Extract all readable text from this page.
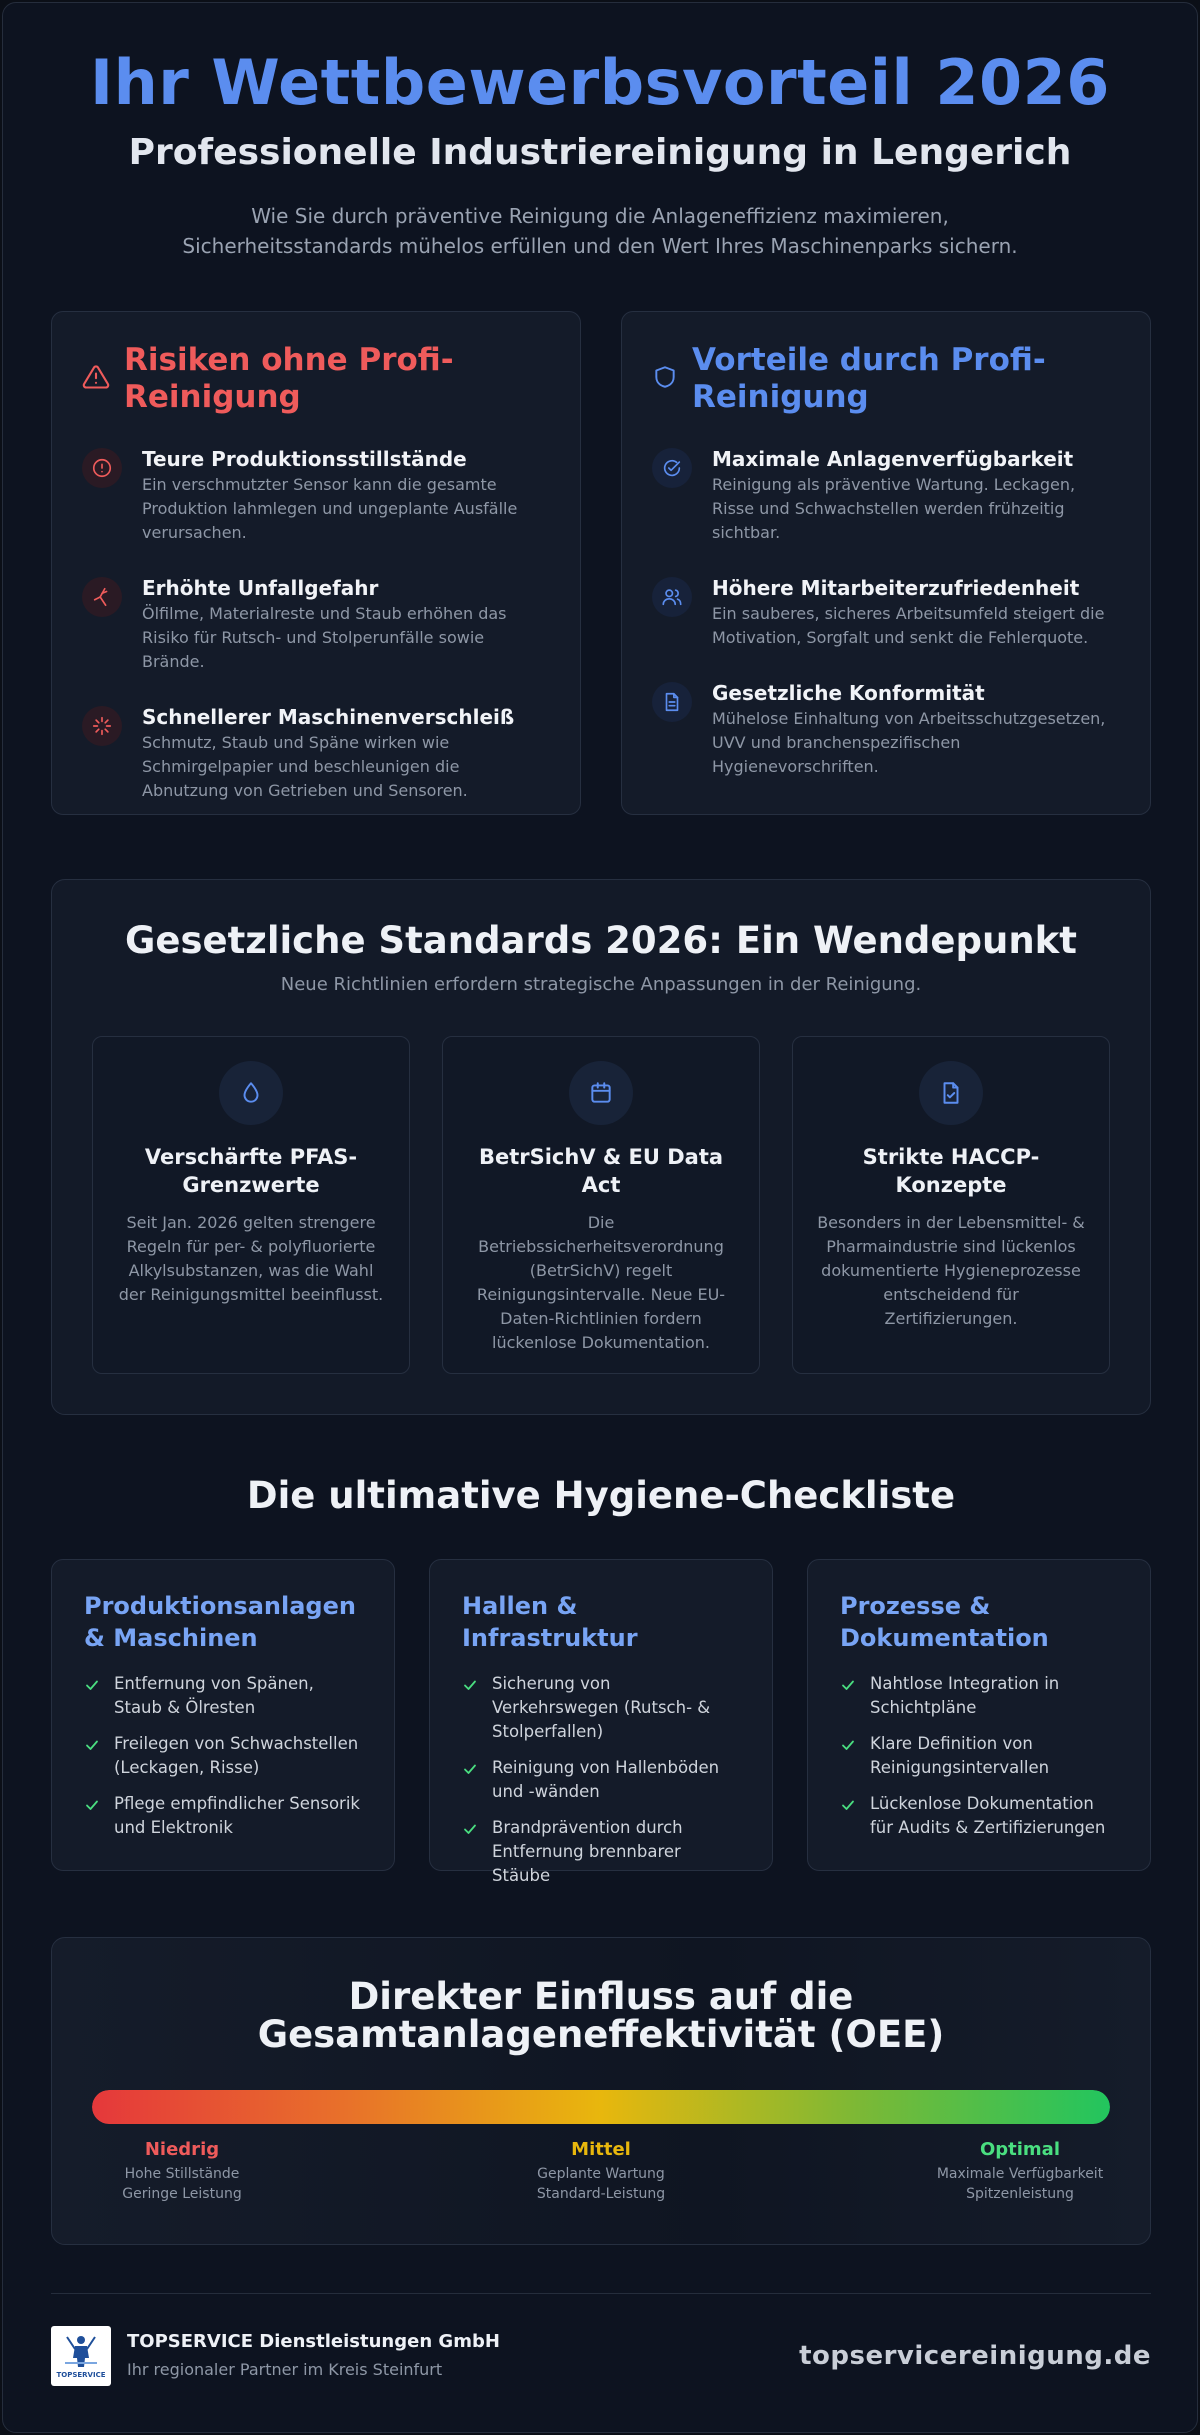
Ihr Wettbewerbsvorteil 2026
Professionelle Industriereinigung in Lengerich

Wie Sie durch präventive Reinigung die Anlageneffizienz maximieren,
Sicherheitsstandards mühelos erfüllen und den Wert Ihres Maschinenparks sichern.

Risiken ohne Profi-Reinigung
Teure Produktionsstillstände

Ein verschmutzter Sensor kann die gesamte Produktion lahmlegen und ungeplante Ausfälle verursachen.

Erhöhte Unfallgefahr

Ölfilme, Materialreste und Staub erhöhen das Risiko für Rutsch- und Stolperunfälle sowie Brände.

Schnellerer Maschinenverschleiß

Schmutz, Staub und Späne wirken wie Schmirgelpapier und beschleunigen die Abnutzung von Getrieben und Sensoren.

Vorteile durch Profi-Reinigung
Maximale Anlagenverfügbarkeit

Reinigung als präventive Wartung. Leckagen, Risse und Schwachstellen werden frühzeitig sichtbar.

Höhere Mitarbeiterzufriedenheit

Ein sauberes, sicheres Arbeitsumfeld steigert die Motivation, Sorgfalt und senkt die Fehlerquote.

Gesetzliche Konformität

Mühelose Einhaltung von Arbeitsschutzgesetzen, UVV und branchenspezifischen Hygienevorschriften.

Gesetzliche Standards 2026: Ein Wendepunkt

Neue Richtlinien erfordern strategische Anpassungen in der Reinigung.

Verschärfte PFAS-Grenzwerte

Seit Jan. 2026 gelten strengere Regeln für per- & polyfluorierte Alkylsubstanzen, was die Wahl der Reinigungsmittel beeinflusst.

BetrSichV & EU Data Act

Die Betriebssicherheitsverordnung (BetrSichV) regelt Reinigungsintervalle. Neue EU-Daten-Richtlinien fordern lückenlose Dokumentation.

Strikte HACCP-Konzepte

Besonders in der Lebensmittel- & Pharmaindustrie sind lückenlos dokumentierte Hygieneprozesse entscheidend für Zertifizierungen.

Die ultimative Hygiene-Checkliste
Produktionsanlagen & Maschinen
Entfernung von Spänen, Staub & Ölresten
Freilegen von Schwachstellen (Leckagen, Risse)
Pflege empfindlicher Sensorik und Elektronik
Hallen & Infrastruktur
Sicherung von Verkehrswegen (Rutsch- & Stolperfallen)
Reinigung von Hallenböden und -wänden
Brandprävention durch Entfernung brennbarer Stäube
Prozesse & Dokumentation
Nahtlose Integration in Schichtpläne
Klare Definition von Reinigungsintervallen
Lückenlose Dokumentation für Audits & Zertifizierungen
Direkter Einfluss auf die Gesamtanlageneffektivität (OEE)
Niedrig
Hohe Stillstände
Geringe Leistung
Mittel
Geplante Wartung
Standard-Leistung
Optimal
Maximale Verfügbarkeit
Spitzenleistung
TOPSERVICE
TOPSERVICE Dienstleistungen GmbH
Ihr regionaler Partner im Kreis Steinfurt	topservicereinigung.de
